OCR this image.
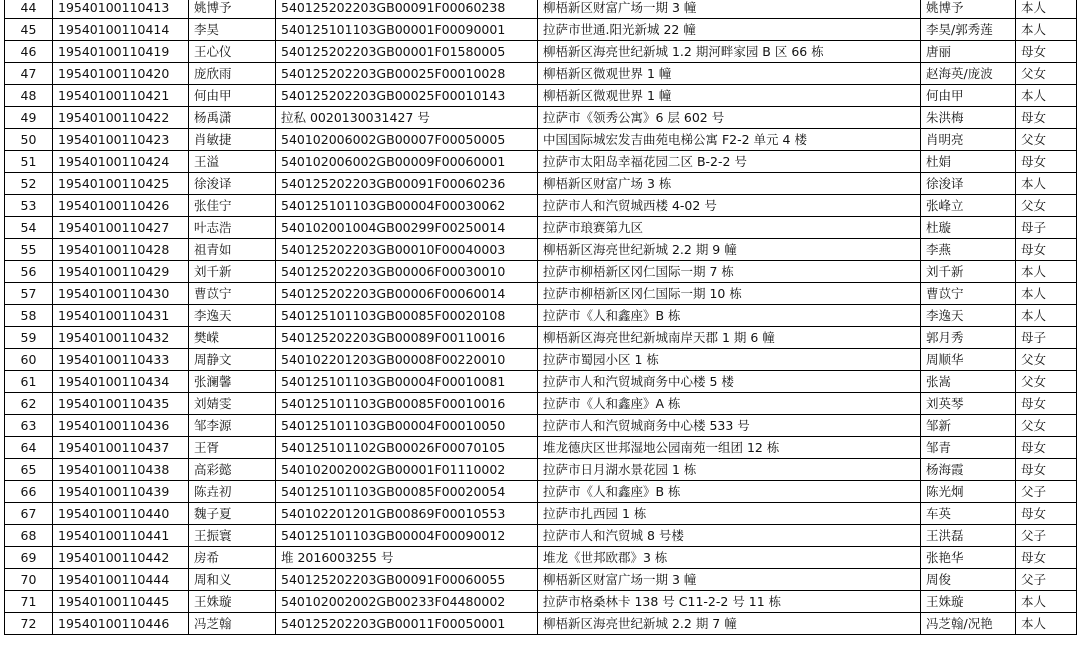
44	19540100110413	姚博予	540125202203GB00091F00060238	柳梧新区财富广场一期 3 幢	姚博予	本人
45	19540100110414	李昊	540125101103GB00001F00090001	拉萨市世通.阳光新城 22 幢	李昊/郭秀莲	本人
46	19540100110419	王心仪	540125202203GB00001F01580005	柳梧新区海亮世纪新城 1.2 期河畔家园 B 区 66 栋	唐丽	母女
47	19540100110420	庞欣雨	540125202203GB00025F00010028	柳梧新区微观世界 1 幢	赵海英/庞波	父女
48	19540100110421	何由甲	540125202203GB00025F00010143	柳梧新区微观世界 1 幢	何由甲	本人
49	19540100110422	杨禹潇	拉私 0020130031427 号	拉萨市《领秀公寓》6 层 602 号	朱洪梅	母女
50	19540100110423	肖敏捷	540102006002GB00007F00050005	中国国际城宏发吉曲苑电梯公寓 F2-2 单元 4 楼	肖明亮	父女
51	19540100110424	王溢	540102006002GB00009F00060001	拉萨市太阳岛幸福花园二区 B-2-2 号	杜娟	母女
52	19540100110425	徐浚译	540125202203GB00091F00060236	柳梧新区财富广场 3 栋	徐浚译	本人
53	19540100110426	张佳宁	540125101103GB00004F00030062	拉萨市人和汽贸城西楼 4-02 号	张峰立	父女
54	19540100110427	叶志浩	540102001004GB00299F00250014	拉萨市琅赛第九区	杜璇	母子
55	19540100110428	祖青如	540125202203GB00010F00040003	柳梧新区海亮世纪新城 2.2 期 9 幢	李燕	母女
56	19540100110429	刘千新	540125202203GB00006F00030010	拉萨市柳梧新区冈仁国际一期 7 栋	刘千新	本人
57	19540100110430	曹苡宁	540125202203GB00006F00060014	拉萨市柳梧新区冈仁国际一期 10 栋	曹苡宁	本人
58	19540100110431	李逸天	540125101103GB00085F00020108	拉萨市《人和鑫座》B 栋	李逸天	本人
59	19540100110432	樊嵘	540125202203GB00089F00110016	柳梧新区海亮世纪新城南岸天郡 1 期 6 幢	郭月秀	母子
60	19540100110433	周静文	540102201203GB00008F00220010	拉萨市蜀园小区 1 栋	周顺华	父女
61	19540100110434	张澜馨	540125101103GB00004F00010081	拉萨市人和汽贸城商务中心楼 5 楼	张嵩	父女
62	19540100110435	刘婧雯	540125101103GB00085F00010016	拉萨市《人和鑫座》A 栋	刘英琴	母女
63	19540100110436	邹李源	540125101103GB00004F00010050	拉萨市人和汽贸城商务中心楼 533 号	邹新	父女
64	19540100110437	王胥	540125101102GB00026F00070105	堆龙德庆区世邦湿地公园南苑一组团 12 栋	邹青	母女
65	19540100110438	高彩懿	540102002002GB00001F01110002	拉萨市日月湖水景花园 1 栋	杨海霞	母女
66	19540100110439	陈垚初	540125101103GB00085F00020054	拉萨市《人和鑫座》B 栋	陈光炯	父子
67	19540100110440	魏子夏	540102201201GB00869F00010553	拉萨市扎西园 1 栋	车英	母女
68	19540100110441	王振寰	540125101103GB00004F00090012	拉萨市人和汽贸城 8 号楼	王洪磊	父子
69	19540100110442	房希	堆 2016003255 号	堆龙《世邦欧郡》3 栋	张艳华	母女
70	19540100110444	周和义	540125202203GB00091F00060055	柳梧新区财富广场一期 3 幢	周俊	父子
71	19540100110445	王姝璇	540102002002GB00233F04480002	拉萨市格桑林卡 138 号 C11-2-2 号 11 栋	王姝璇	本人
72	19540100110446	冯芝翰	540125202203GB00011F00050001	柳梧新区海亮世纪新城 2.2 期 7 幢	冯芝翰/况艳	本人
